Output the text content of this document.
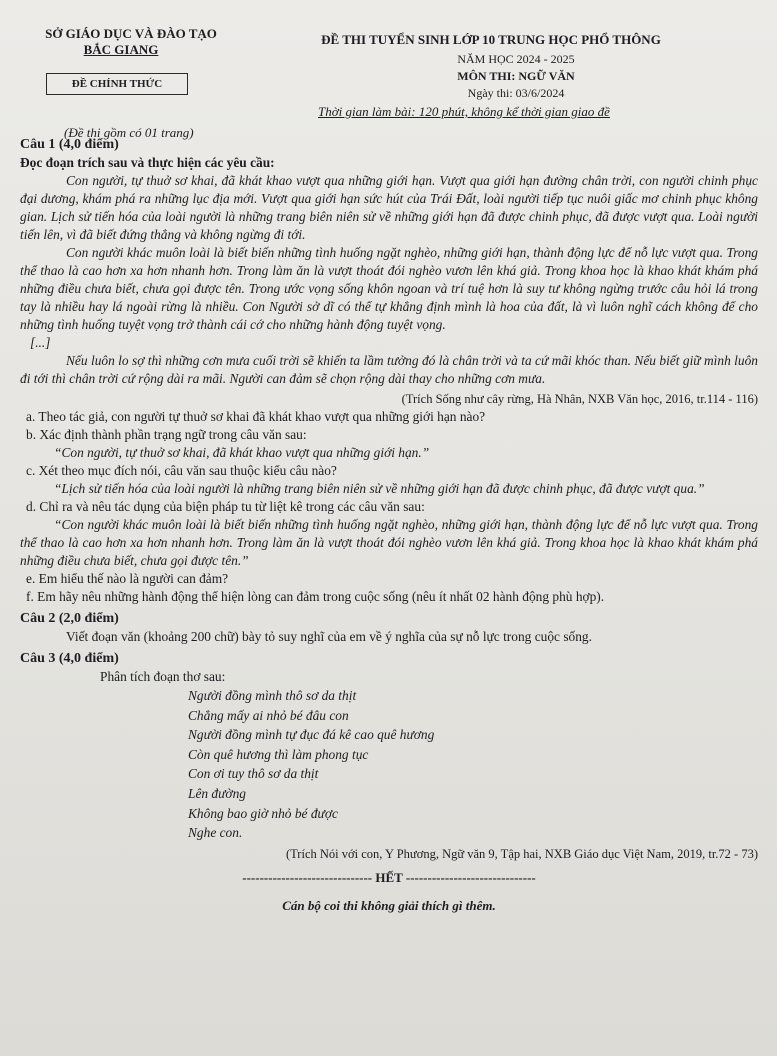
SỞ GIÁO DỤC VÀ ĐÀO TẠO
BẮC GIANG
ĐỀ CHÍNH THỨC
(Đề thi gồm có 01 trang)
ĐỀ THI TUYỂN SINH LỚP 10 TRUNG HỌC PHỔ THÔNG
NĂM HỌC 2024 - 2025
MÔN THI: NGỮ VĂN
Ngày thi: 03/6/2024
Thời gian làm bài: 120 phút, không kể thời gian giao đề
Câu 1 (4,0 điểm)
Đọc đoạn trích sau và thực hiện các yêu cầu:
Con người, tự thuở sơ khai, đã khát khao vượt qua những giới hạn. Vượt qua giới hạn đường chân trời, con người chinh phục đại dương, khám phá ra những lục địa mới. Vượt qua giới hạn sức hút của Trái Đất, loài người tiếp tục nuôi giấc mơ chinh phục không gian. Lịch sử tiến hóa của loài người là những trang biên niên sử về những giới hạn đã được chinh phục, đã được vượt qua. Loài người tiến lên, vì đã biết đứng thẳng và không ngừng đi tới.
Con người khác muôn loài là biết biến những tình huống ngặt nghèo, những giới hạn, thành động lực để nỗ lực vượt qua. Trong thể thao là cao hơn xa hơn nhanh hơn. Trong làm ăn là vượt thoát đói nghèo vươn lên khá giả. Trong khoa học là khao khát khám phá những điều chưa biết, chưa gọi được tên. Trong ước vọng sống khôn ngoan và trí tuệ hơn là suy tư không ngừng trước câu hỏi lá trong tay là nhiều hay lá ngoài rừng là nhiều. Con Người sở dĩ có thể tự khẳng định mình là hoa của đất, là vì luôn nghĩ cách không để cho những tình huống tuyệt vọng trở thành cái cớ cho những hành động tuyệt vọng.
[...]
Nếu luôn lo sợ thì những cơn mưa cuối trời sẽ khiến ta lầm tưởng đó là chân trời và ta cứ mãi khóc than. Nếu biết giữ mình luôn đi tới thì chân trời cứ rộng dài ra mãi. Người can đảm sẽ chọn rộng dài thay cho những cơn mưa.
(Trích Sống như cây rừng, Hà Nhân, NXB Văn học, 2016, tr.114 - 116)
a. Theo tác giả, con người tự thuở sơ khai đã khát khao vượt qua những giới hạn nào?
b. Xác định thành phần trạng ngữ trong câu văn sau:
“Con người, tự thuở sơ khai, đã khát khao vượt qua những giới hạn.”
c. Xét theo mục đích nói, câu văn sau thuộc kiểu câu nào?
“Lịch sử tiến hóa của loài người là những trang biên niên sử về những giới hạn đã được chinh phục, đã được vượt qua.”
d. Chỉ ra và nêu tác dụng của biện pháp tu từ liệt kê trong các câu văn sau:
“Con người khác muôn loài là biết biến những tình huống ngặt nghèo, những giới hạn, thành động lực để nỗ lực vượt qua. Trong thể thao là cao hơn xa hơn nhanh hơn. Trong làm ăn là vượt thoát đói nghèo vươn lên khá giả. Trong khoa học là khao khát khám phá những điều chưa biết, chưa gọi được tên.”
e. Em hiểu thế nào là người can đảm?
f. Em hãy nêu những hành động thể hiện lòng can đảm trong cuộc sống (nêu ít nhất 02 hành động phù hợp).
Câu 2 (2,0 điểm)
Viết đoạn văn (khoảng 200 chữ) bày tỏ suy nghĩ của em về ý nghĩa của sự nỗ lực trong cuộc sống.
Câu 3 (4,0 điểm)
Phân tích đoạn thơ sau:
Người đồng mình thô sơ da thịt
Chẳng mấy ai nhỏ bé đâu con
Người đồng mình tự đục đá kê cao quê hương
Còn quê hương thì làm phong tục
Con ơi tuy thô sơ da thịt
Lên đường
Không bao giờ nhỏ bé được
Nghe con.
(Trích Nói với con, Y Phương, Ngữ văn 9, Tập hai, NXB Giáo dục Việt Nam, 2019, tr.72 - 73)
------------------------------ HẾT ------------------------------
Cán bộ coi thi không giải thích gì thêm.
